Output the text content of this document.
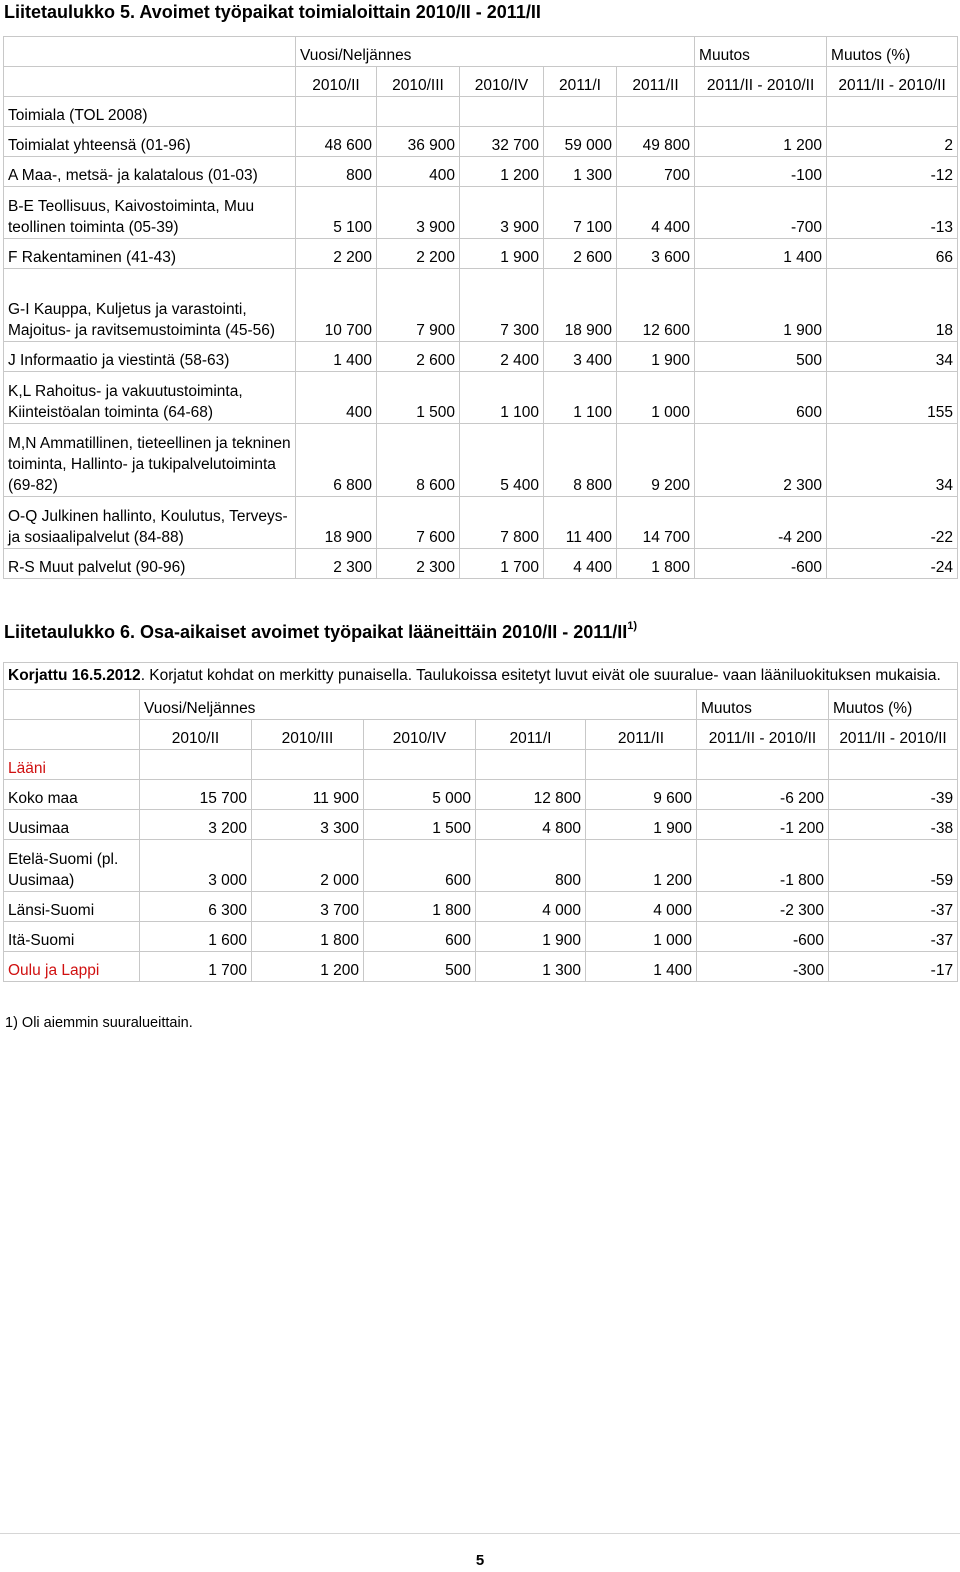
Liitetaulukko 5. Avoimet työpaikat toimialoittain 2010/II - 2011/II
	Vuosi/Neljännes					Muutos	Muutos (%)
	2010/II	2010/III	2010/IV	2011/I	2011/II	2011/II - 2010/II	2011/II - 2010/II
Toimiala (TOL 2008)							
Toimialat yhteensä (01-96)	48 600	36 900	32 700	59 000	49 800	1 200	2
A Maa-, metsä- ja kalatalous (01-03)	800	400	1 200	1 300	700	-100	-12
B-E Teollisuus, Kaivostoiminta, Muu teollinen toiminta (05-39)	5 100	3 900	3 900	7 100	4 400	-700	-13
F Rakentaminen (41-43)	2 200	2 200	1 900	2 600	3 600	1 400	66
G-I Kauppa, Kuljetus ja varastointi, Majoitus- ja ravitsemustoiminta (45-56)	10 700	7 900	7 300	18 900	12 600	1 900	18
J Informaatio ja viestintä (58-63)	1 400	2 600	2 400	3 400	1 900	500	34
K,L Rahoitus- ja vakuutustoiminta, Kiinteistöalan toiminta (64-68)	400	1 500	1 100	1 100	1 000	600	155
M,N Ammatillinen, tieteellinen ja tekninen toiminta, Hallinto- ja tukipalvelutoiminta (69-82)	6 800	8 600	5 400	8 800	9 200	2 300	34
O-Q Julkinen hallinto, Koulutus, Terveys- ja sosiaalipalvelut (84-88)	18 900	7 600	7 800	11 400	14 700	-4 200	-22
R-S Muut palvelut (90-96)	2 300	2 300	1 700	4 400	1 800	-600	-24
Liitetaulukko 6. Osa-aikaiset avoimet työpaikat lääneittäin 2010/II - 2011/II$^{1)}$
Korjattu 16.5.2012. Korjatut kohdat on merkitty punaisella. Taulukoissa esitetyt luvut eivät ole suuralue- vaan lääniluokituksen mukaisia.							
	Vuosi/Neljännes					Muutos	Muutos (%)
	2010/II	2010/III	2010/IV	2011/I	2011/II	2011/II - 2010/II	2011/II - 2010/II
Lääni							
Koko maa	15 700	11 900	5 000	12 800	9 600	-6 200	-39
Uusimaa	3 200	3 300	1 500	4 800	1 900	-1 200	-38
Etelä-Suomi (pl. Uusimaa)	3 000	2 000	600	800	1 200	-1 800	-59
Länsi-Suomi	6 300	3 700	1 800	4 000	4 000	-2 300	-37
Itä-Suomi	1 600	1 800	600	1 900	1 000	-600	-37
Oulu ja Lappi	1 700	1 200	500	1 300	1 400	-300	-17
1) Oli aiemmin suuralueittain.
5
